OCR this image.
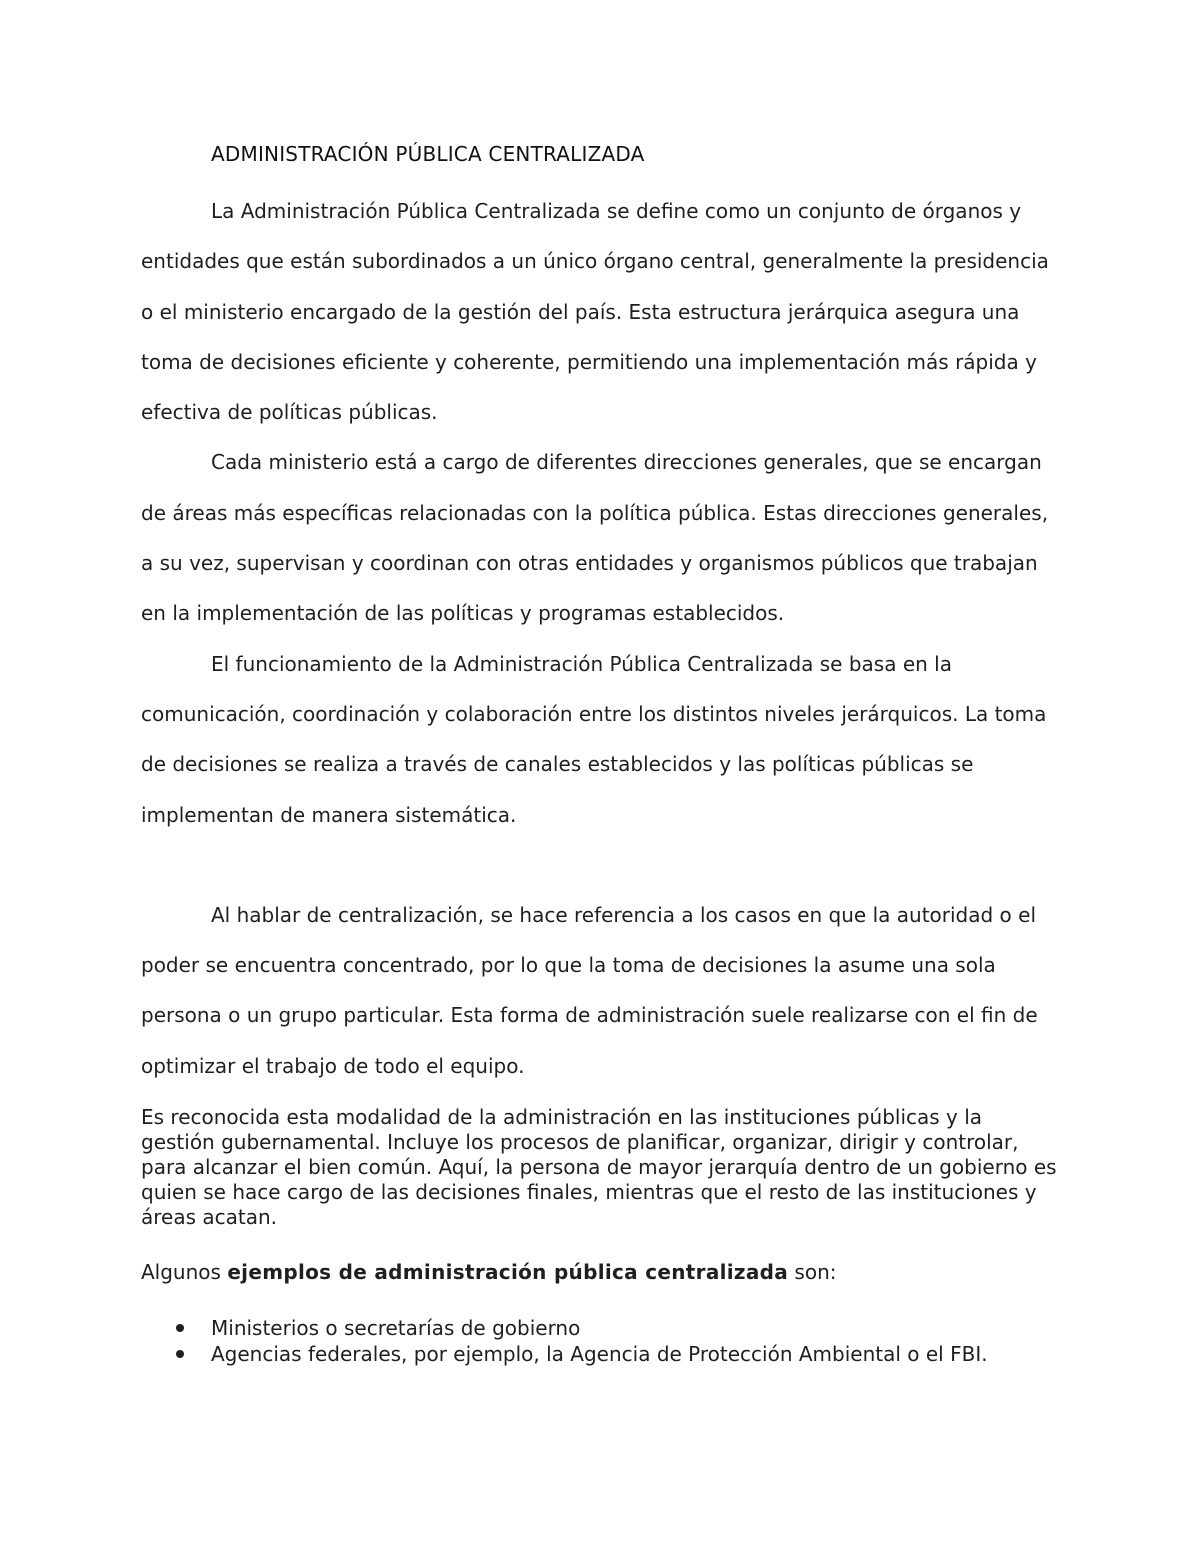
ADMINISTRACIÓN PÚBLICA CENTRALIZADA

La Administración Pública Centralizada se define como un conjunto de órganos y entidades que están subordinados a un único órgano central, generalmente la presidencia o el ministerio encargado de la gestión del país. Esta estructura jerárquica asegura una toma de decisiones eficiente y coherente, permitiendo una implementación más rápida y efectiva de políticas públicas.

Cada ministerio está a cargo de diferentes direcciones generales, que se encargan de áreas más específicas relacionadas con la política pública. Estas direcciones generales, a su vez, supervisan y coordinan con otras entidades y organismos públicos que trabajan en la implementación de las políticas y programas establecidos.

El funcionamiento de la Administración Pública Centralizada se basa en la comunicación, coordinación y colaboración entre los distintos niveles jerárquicos. La toma de decisiones se realiza a través de canales establecidos y las políticas públicas se implementan de manera sistemática.

Al hablar de centralización, se hace referencia a los casos en que la autoridad o el poder se encuentra concentrado, por lo que la toma de decisiones la asume una sola persona o un grupo particular. Esta forma de administración suele realizarse con el fin de optimizar el trabajo de todo el equipo.

Es reconocida esta modalidad de la administración en las instituciones públicas y la gestión gubernamental. Incluye los procesos de planificar, organizar, dirigir y controlar, para alcanzar el bien común. Aquí, la persona de mayor jerarquía dentro de un gobierno es quien se hace cargo de las decisiones finales, mientras que el resto de las instituciones y áreas acatan.

Algunos ejemplos de administración pública centralizada son:

Ministerios o secretarías de gobierno
Agencias federales, por ejemplo, la Agencia de Protección Ambiental o el FBI.
